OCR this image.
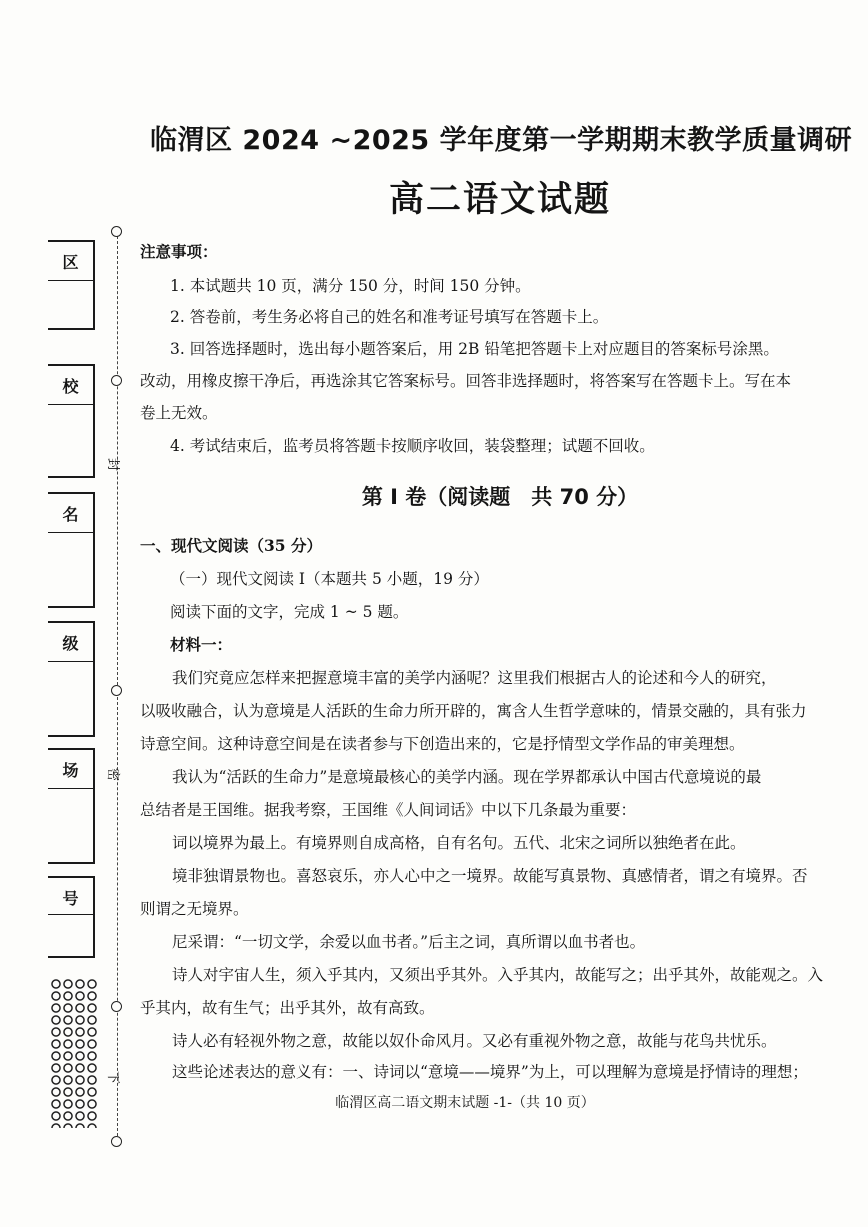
临渭区 2024 ~2025 学年度第一学期期末教学质量调研
高二语文试题
区
校
名
级
场
号
封
密
下
注意事项：
1. 本试题共 10 页，满分 150 分，时间 150 分钟。
2. 答卷前，考生务必将自己的姓名和准考证号填写在答题卡上。
3. 回答选择题时，选出每小题答案后，用 2B 铅笔把答题卡上对应题目的答案标号涂黑。
改动，用橡皮擦干净后，再选涂其它答案标号。回答非选择题时，将答案写在答题卡上。写在本
卷上无效。
4. 考试结束后，监考员将答题卡按顺序收回，装袋整理；试题不回收。
第 Ⅰ 卷（阅读题　共 70 分）
一、现代文阅读（35 分）
（一）现代文阅读 Ⅰ（本题共 5 小题，19 分）
阅读下面的文字，完成 1 ~ 5 题。
材料一：
我们究竟应怎样来把握意境丰富的美学内涵呢？这里我们根据古人的论述和今人的研究，
以吸收融合，认为意境是人活跃的生命力所开辟的，寓含人生哲学意味的，情景交融的，具有张力
诗意空间。这种诗意空间是在读者参与下创造出来的，它是抒情型文学作品的审美理想。
我认为“活跃的生命力”是意境最核心的美学内涵。现在学界都承认中国古代意境说的最
总结者是王国维。据我考察，王国维《人间词话》中以下几条最为重要：
词以境界为最上。有境界则自成高格，自有名句。五代、北宋之词所以独绝者在此。
境非独谓景物也。喜怒哀乐，亦人心中之一境界。故能写真景物、真感情者，谓之有境界。否
则谓之无境界。
尼采谓：“一切文学，余爱以血书者。”后主之词，真所谓以血书者也。
诗人对宇宙人生，须入乎其内，又须出乎其外。入乎其内，故能写之；出乎其外，故能观之。入
乎其内，故有生气；出乎其外，故有高致。
诗人必有轻视外物之意，故能以奴仆命风月。又必有重视外物之意，故能与花鸟共忧乐。
这些论述表达的意义有：一、诗词以“意境——境界”为上，可以理解为意境是抒情诗的理想；
临渭区高二语文期末试题 -1-（共 10 页）
